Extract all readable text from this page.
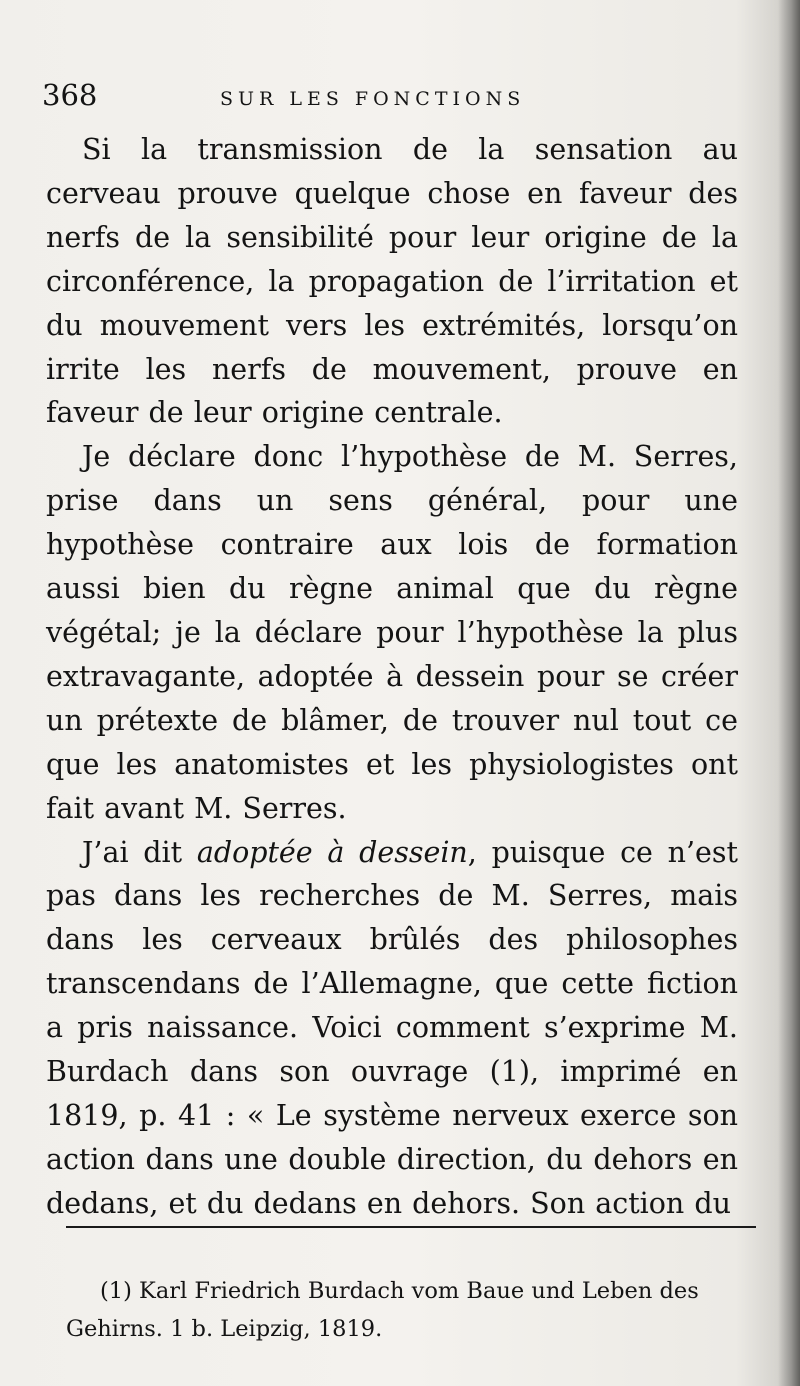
368	SUR LES FONCTIONS

Si la transmission de la sensation au cerveau prouve quelque chose en faveur des nerfs de la sensibilité pour leur origine de la circonférence, la propagation de l’irritation et du mouvement vers les extrémités, lorsqu’on irrite les nerfs de mouvement, prouve en faveur de leur origine centrale.

Je déclare donc l’hypothèse de M. Serres, prise dans un sens général, pour une hypothèse contraire aux lois de formation aussi bien du règne animal que du règne végétal; je la déclare pour l’hypothèse la plus extravagante, adoptée à dessein pour se créer un prétexte de blâmer, de trouver nul tout ce que les anatomistes et les physiologistes ont fait avant M. Serres.

J’ai dit adoptée à dessein, puisque ce n’est pas dans les recherches de M. Serres, mais dans les cerveaux brûlés des philosophes transcendans de l’Allemagne, que cette fiction a pris naissance. Voici comment s’exprime M. Burdach dans son ouvrage (1), imprimé en 1819, p. 41 : « Le système nerveux exerce son action dans une double direction, du dehors en dedans, et du dedans en dehors. Son action du

(1) Karl Friedrich Burdach vom Baue und Leben des Gehirns. 1 b. Leipzig, 1819.
